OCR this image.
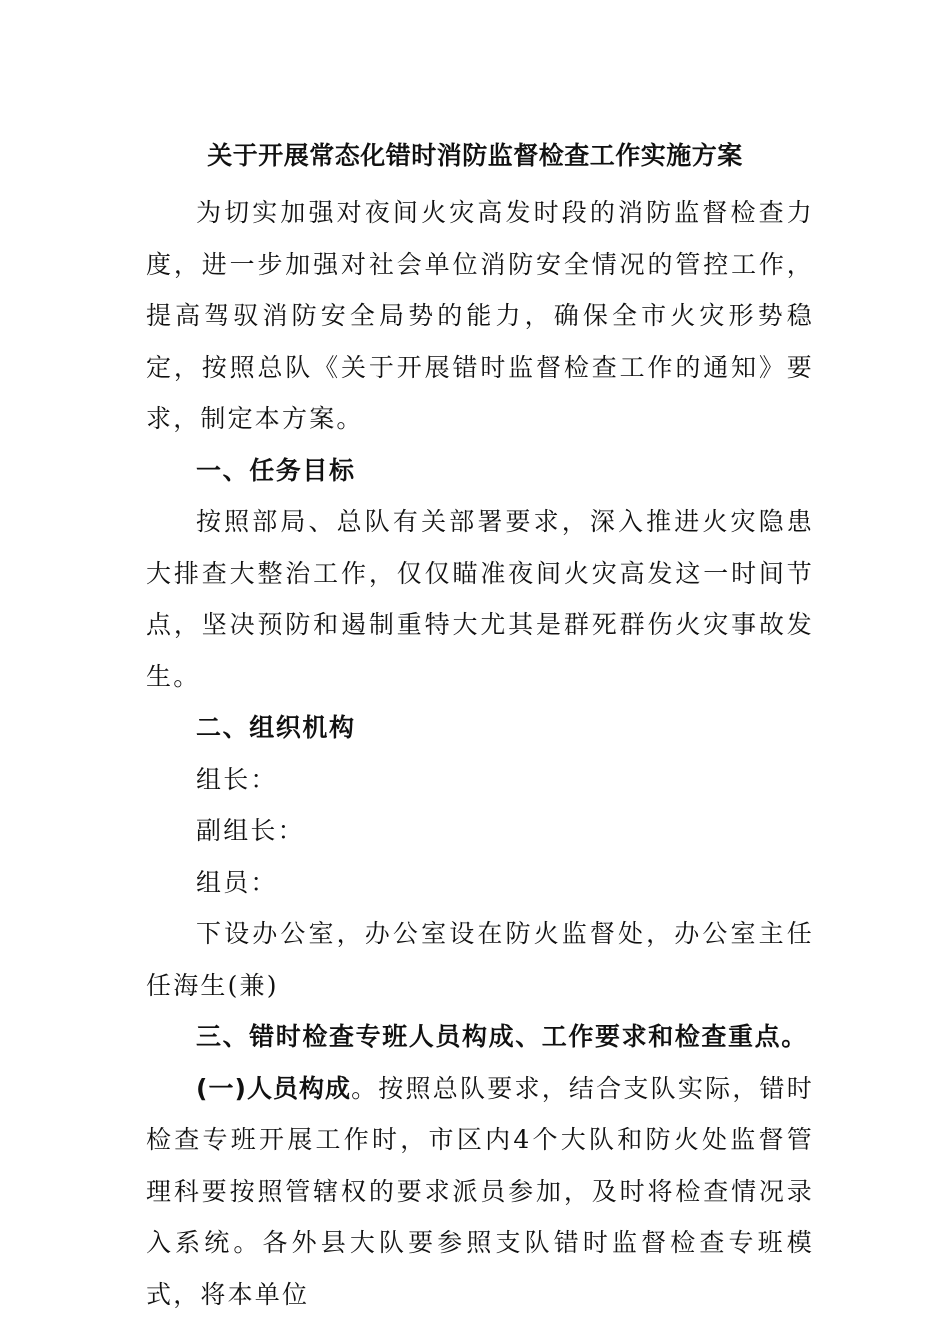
关于开展常态化错时消防监督检查工作实施方案

为切实加强对夜间火灾高发时段的消防监督检查力度，进一步加强对社会单位消防安全情况的管控工作，提高驾驭消防安全局势的能力，确保全市火灾形势稳定，按照总队《关于开展错时监督检查工作的通知》要求，制定本方案。

一、任务目标

按照部局、总队有关部署要求，深入推进火灾隐患大排查大整治工作，仅仅瞄准夜间火灾高发这一时间节点，坚决预防和遏制重特大尤其是群死群伤火灾事故发生。

二、组织机构

组长：

副组长：

组员：

下设办公室，办公室设在防火监督处，办公室主任任海生(兼)

三、错时检查专班人员构成、工作要求和检查重点。

(一)人员构成。按照总队要求，结合支队实际，错时检查专班开展工作时，市区内4个大队和防火处监督管理科要按照管辖权的要求派员参加，及时将检查情况录入系统。各外县大队要参照支队错时监督检查专班模式，将本单位
